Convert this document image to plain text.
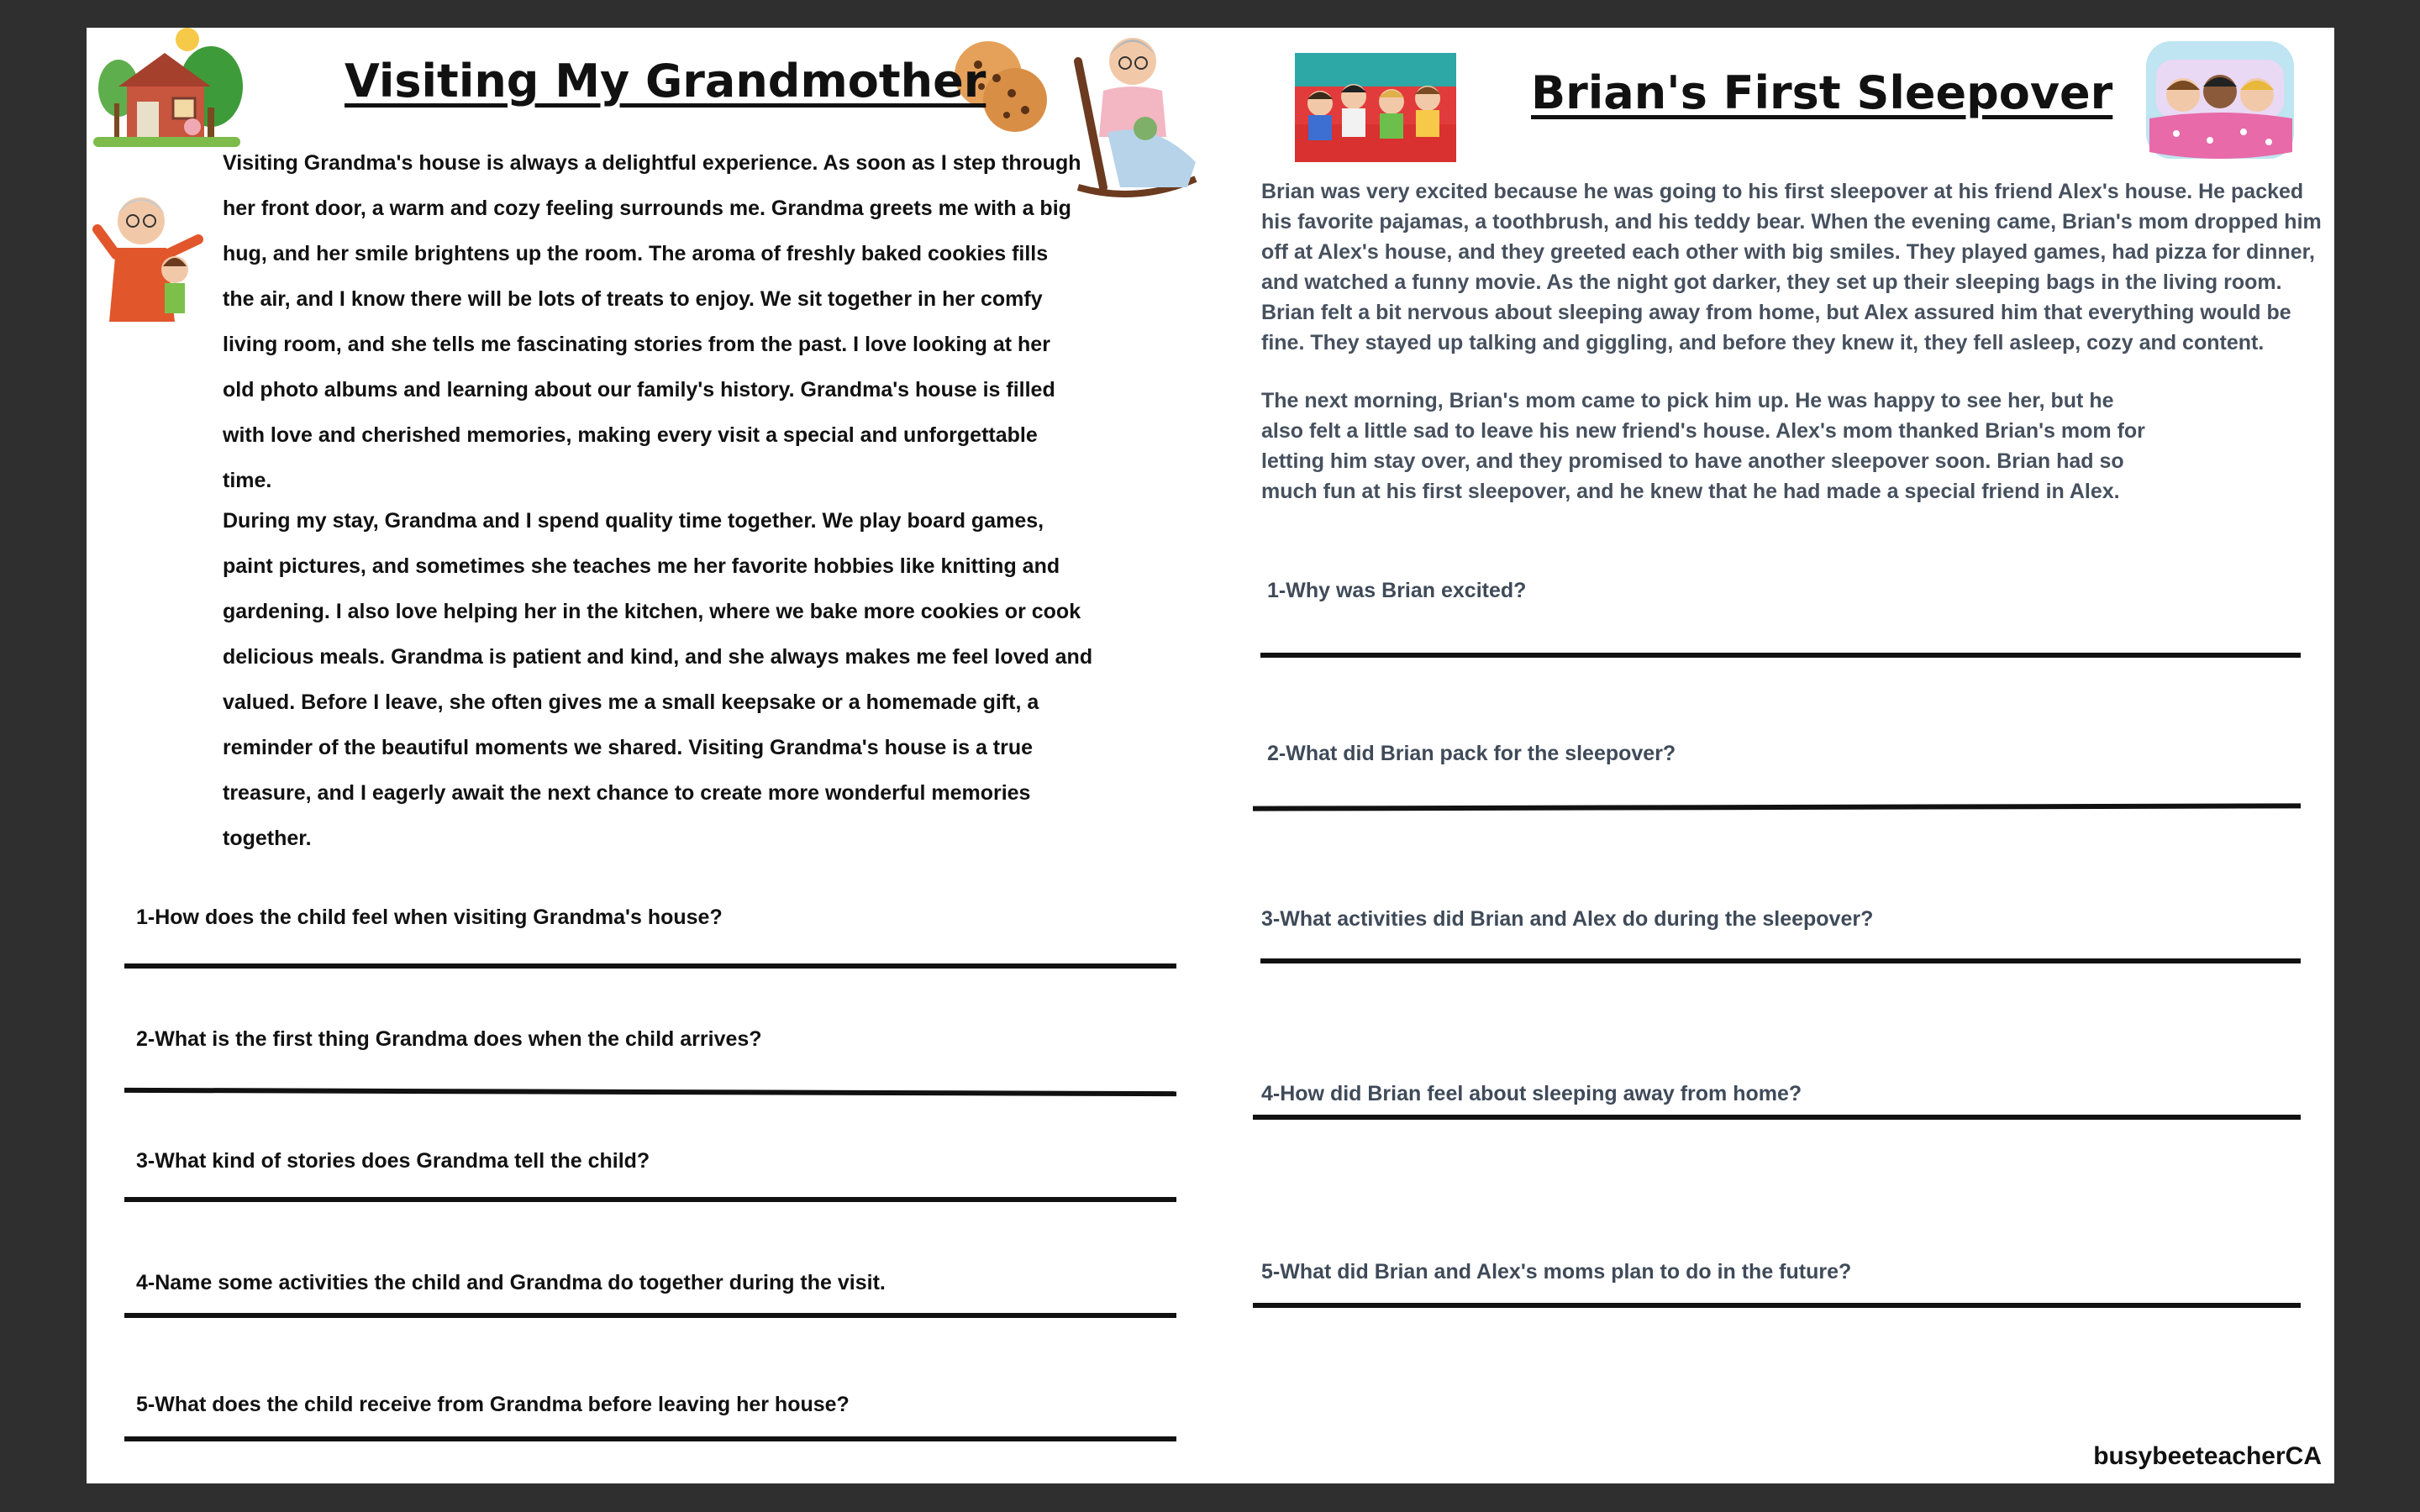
Visiting My Grandmother
Visiting Grandma's house is always a delightful experience. As soon as I step through
her front door, a warm and cozy feeling surrounds me. Grandma greets me with a big
hug, and her smile brightens up the room. The aroma of freshly baked cookies fills
the air, and I know there will be lots of treats to enjoy. We sit together in her comfy
living room, and she tells me fascinating stories from the past. I love looking at her
old photo albums and learning about our family's history. Grandma's house is filled
with love and cherished memories, making every visit a special and unforgettable
time.
During my stay, Grandma and I spend quality time together. We play board games,
paint pictures, and sometimes she teaches me her favorite hobbies like knitting and
gardening. I also love helping her in the kitchen, where we bake more cookies or cook
delicious meals. Grandma is patient and kind, and she always makes me feel loved and
valued. Before I leave, she often gives me a small keepsake or a homemade gift, a
reminder of the beautiful moments we shared. Visiting Grandma's house is a true
treasure, and I eagerly await the next chance to create more wonderful memories
together.

1-How does the child feel when visiting Grandma's house?

2-What is the first thing Grandma does when the child arrives?

3-What kind of stories does Grandma tell the child?

4-Name some activities the child and Grandma do together during the visit.

5-What does the child receive from Grandma before leaving her house?

Brian's First Sleepover
Brian was very excited because he was going to his first sleepover at his friend Alex's house. He packed
his favorite pajamas, a toothbrush, and his teddy bear. When the evening came, Brian's mom dropped him
off at Alex's house, and they greeted each other with big smiles. They played games, had pizza for dinner,
and watched a funny movie. As the night got darker, they set up their sleeping bags in the living room.
Brian felt a bit nervous about sleeping away from home, but Alex assured him that everything would be
fine. They stayed up talking and giggling, and before they knew it, they fell asleep, cozy and content.
The next morning, Brian's mom came to pick him up. He was happy to see her, but he
also felt a little sad to leave his new friend's house. Alex's mom thanked Brian's mom for
letting him stay over, and they promised to have another sleepover soon. Brian had so
much fun at his first sleepover, and he knew that he had made a special friend in Alex.

1-Why was Brian excited?

2-What did Brian pack for the sleepover?

3-What activities did Brian and Alex do during the sleepover?

4-How did Brian feel about sleeping away from home?

5-What did Brian and Alex's moms plan to do in the future?

busybeeteacherCA
